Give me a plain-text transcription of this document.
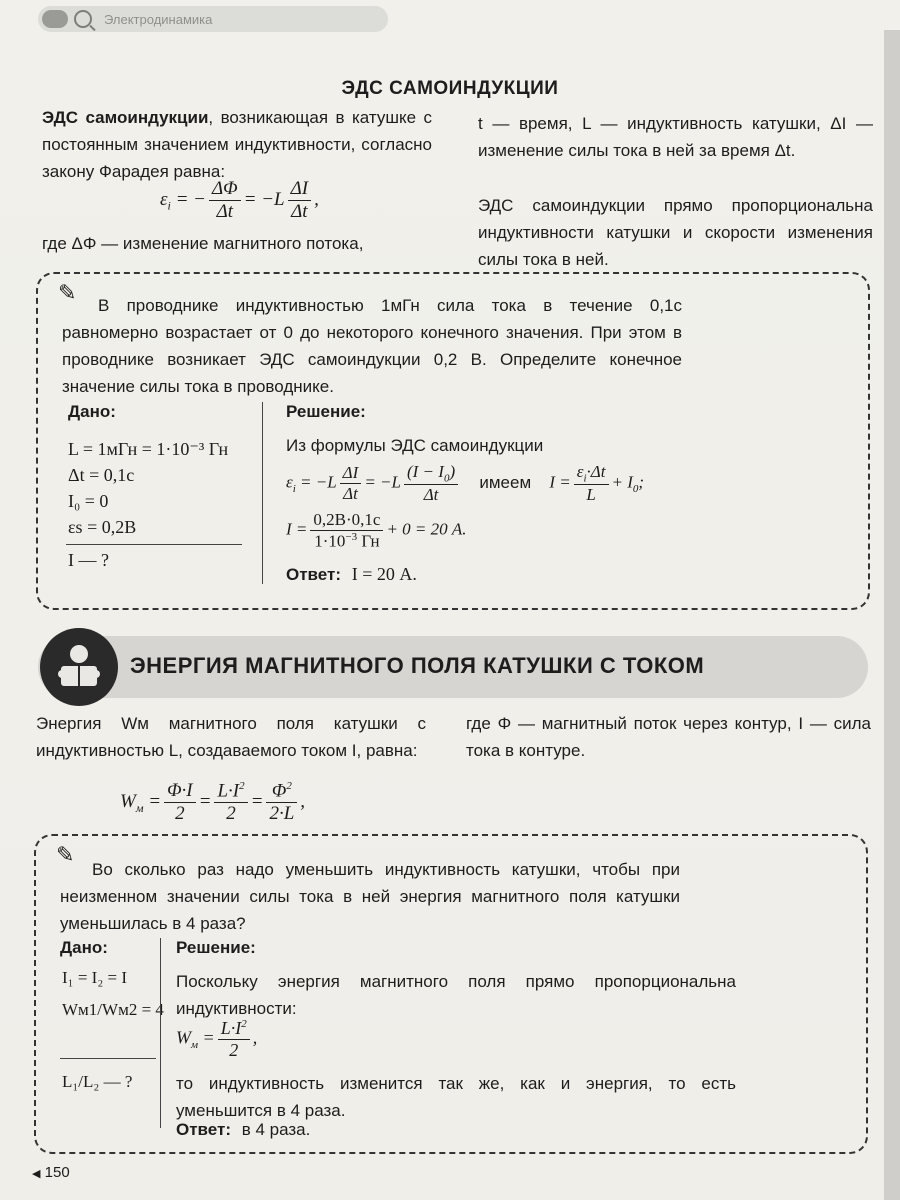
Электродинамика
ЭДС САМОИНДУКЦИИ
ЭДС самоиндукции, возникающая в катушке с постоянным значением индуктивности, согласно закону Фарадея равна:
$\varepsilon_i$ = − $\frac{\Delta\Phi}{\Delta t} = -L \frac{\Delta I}{\Delta t}$ ,
где ΔΦ — изменение магнитного потока,
t — время, L — индуктивность катушки, ΔI — изменение силы тока в ней за время Δt.
ЭДС самоиндукции прямо пропорциональна индуктивности катушки и скорости изменения силы тока в ней.
✎
В проводнике индуктивностью 1мГн сила тока в течение 0,1с равномерно возрастает от 0 до некоторого конечного значения. При этом в проводнике возникает ЭДС самоиндукции 0,2 В. Определите конечное значение силы тока в проводнике.
Дано:
L = 1мГн = 1·10⁻³ Гн
Δt = 0,1с
I₀ = 0
εs = 0,2В
I — ?
Решение:
Из формулы ЭДС самоиндукции
$\varepsilon_i = -L \frac{\Delta I}{\Delta t} = -L \frac{(I - I_0)}{\Delta t}$ имеем $I = \frac{\varepsilon_i\cdot\Delta t}{L} + I_0$;
$I = \frac{0,2В\cdot 0,1с}{1\cdot 10^{-3} Гн} + 0 = 20$ А.
Ответ: I = 20 А.
ЭНЕРГИЯ МАГНИТНОГО ПОЛЯ КАТУШКИ С ТОКОМ
Энергия Wм магнитного поля катушки с индуктивностью L, создаваемого током I, равна:
$W_м = \frac{\Phi\cdot I}{2} = \frac{L\cdot I^2}{2} = \frac{\Phi^2}{2\cdot L}$ ,
где Φ — магнитный поток через контур, I — сила тока в контуре.
✎
Во сколько раз надо уменьшить индуктивность катушки, чтобы при неизменном значении силы тока в ней энергия магнитного поля катушки уменьшилась в 4 раза?
Дано:
I₁ = I₂ = I
Wм1/Wм2 = 4
L₁/L₂ — ?
Решение:
Поскольку энергия магнитного поля прямо пропорциональна индуктивности:
$W_м = \frac{L\cdot I^2}{2}$ ,
то индуктивность изменится так же, как и энергия, то есть уменьшится в 4 раза.
Ответ: в 4 раза.
◀ 150
